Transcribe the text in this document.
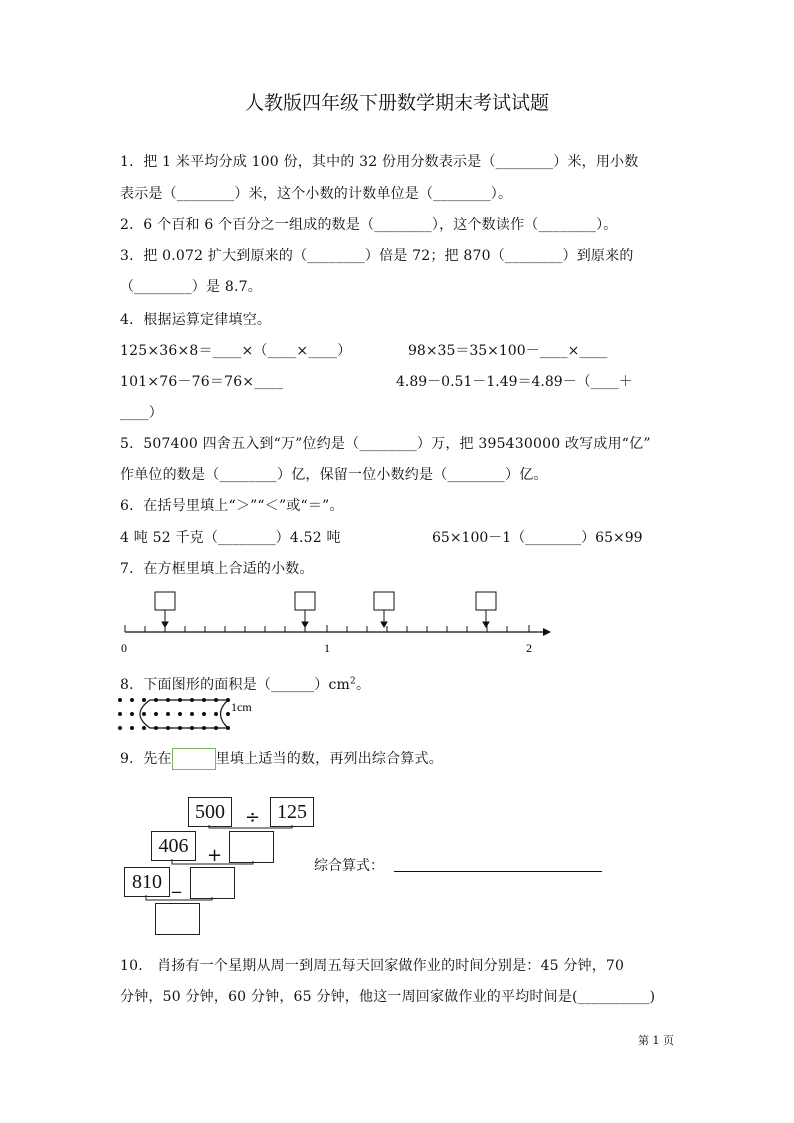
人教版四年级下册数学期末考试试题
1．把 1 米平均分成 100 份，其中的 32 份用分数表示是（________）米，用小数
表示是（________）米，这个小数的计数单位是（________）。
2．6 个百和 6 个百分之一组成的数是（________），这个数读作（________）。
3．把 0.072 扩大到原来的（________）倍是 72；把 870（________）到原来的
（________）是 8.7。
4．根据运算定律填空。
125×36×8＝____×（____×____）	98×35＝35×100－____×____
101×76－76＝76×____	4.89－0.51－1.49＝4.89－（____＋
____）
5．507400 四舍五入到“万”位约是（________）万，把 395430000 改写成用“亿”
作单位的数是（________）亿，保留一位小数约是（________）亿。
6．在括号里填上“＞”“＜”或“＝”。
4 吨 52 千克（________）4.52 吨	65×100－1（________）65×99
7．在方框里填上合适的小数。
0	1	2
8．下面图形的面积是$(\_\_\_\_\_\_)cm^2$。
1cm
9．先在	里填上适当的数，再列出综合算式。
500	125
÷
406	+
810 _
综合算式：
10． 肖扬有一个星期从周一到周五每天回家做作业的时间分别是：45 分钟，70
分钟，50 分钟，60 分钟，65 分钟，他这一周回家做作业的平均时间是(__________)
第 1 页
